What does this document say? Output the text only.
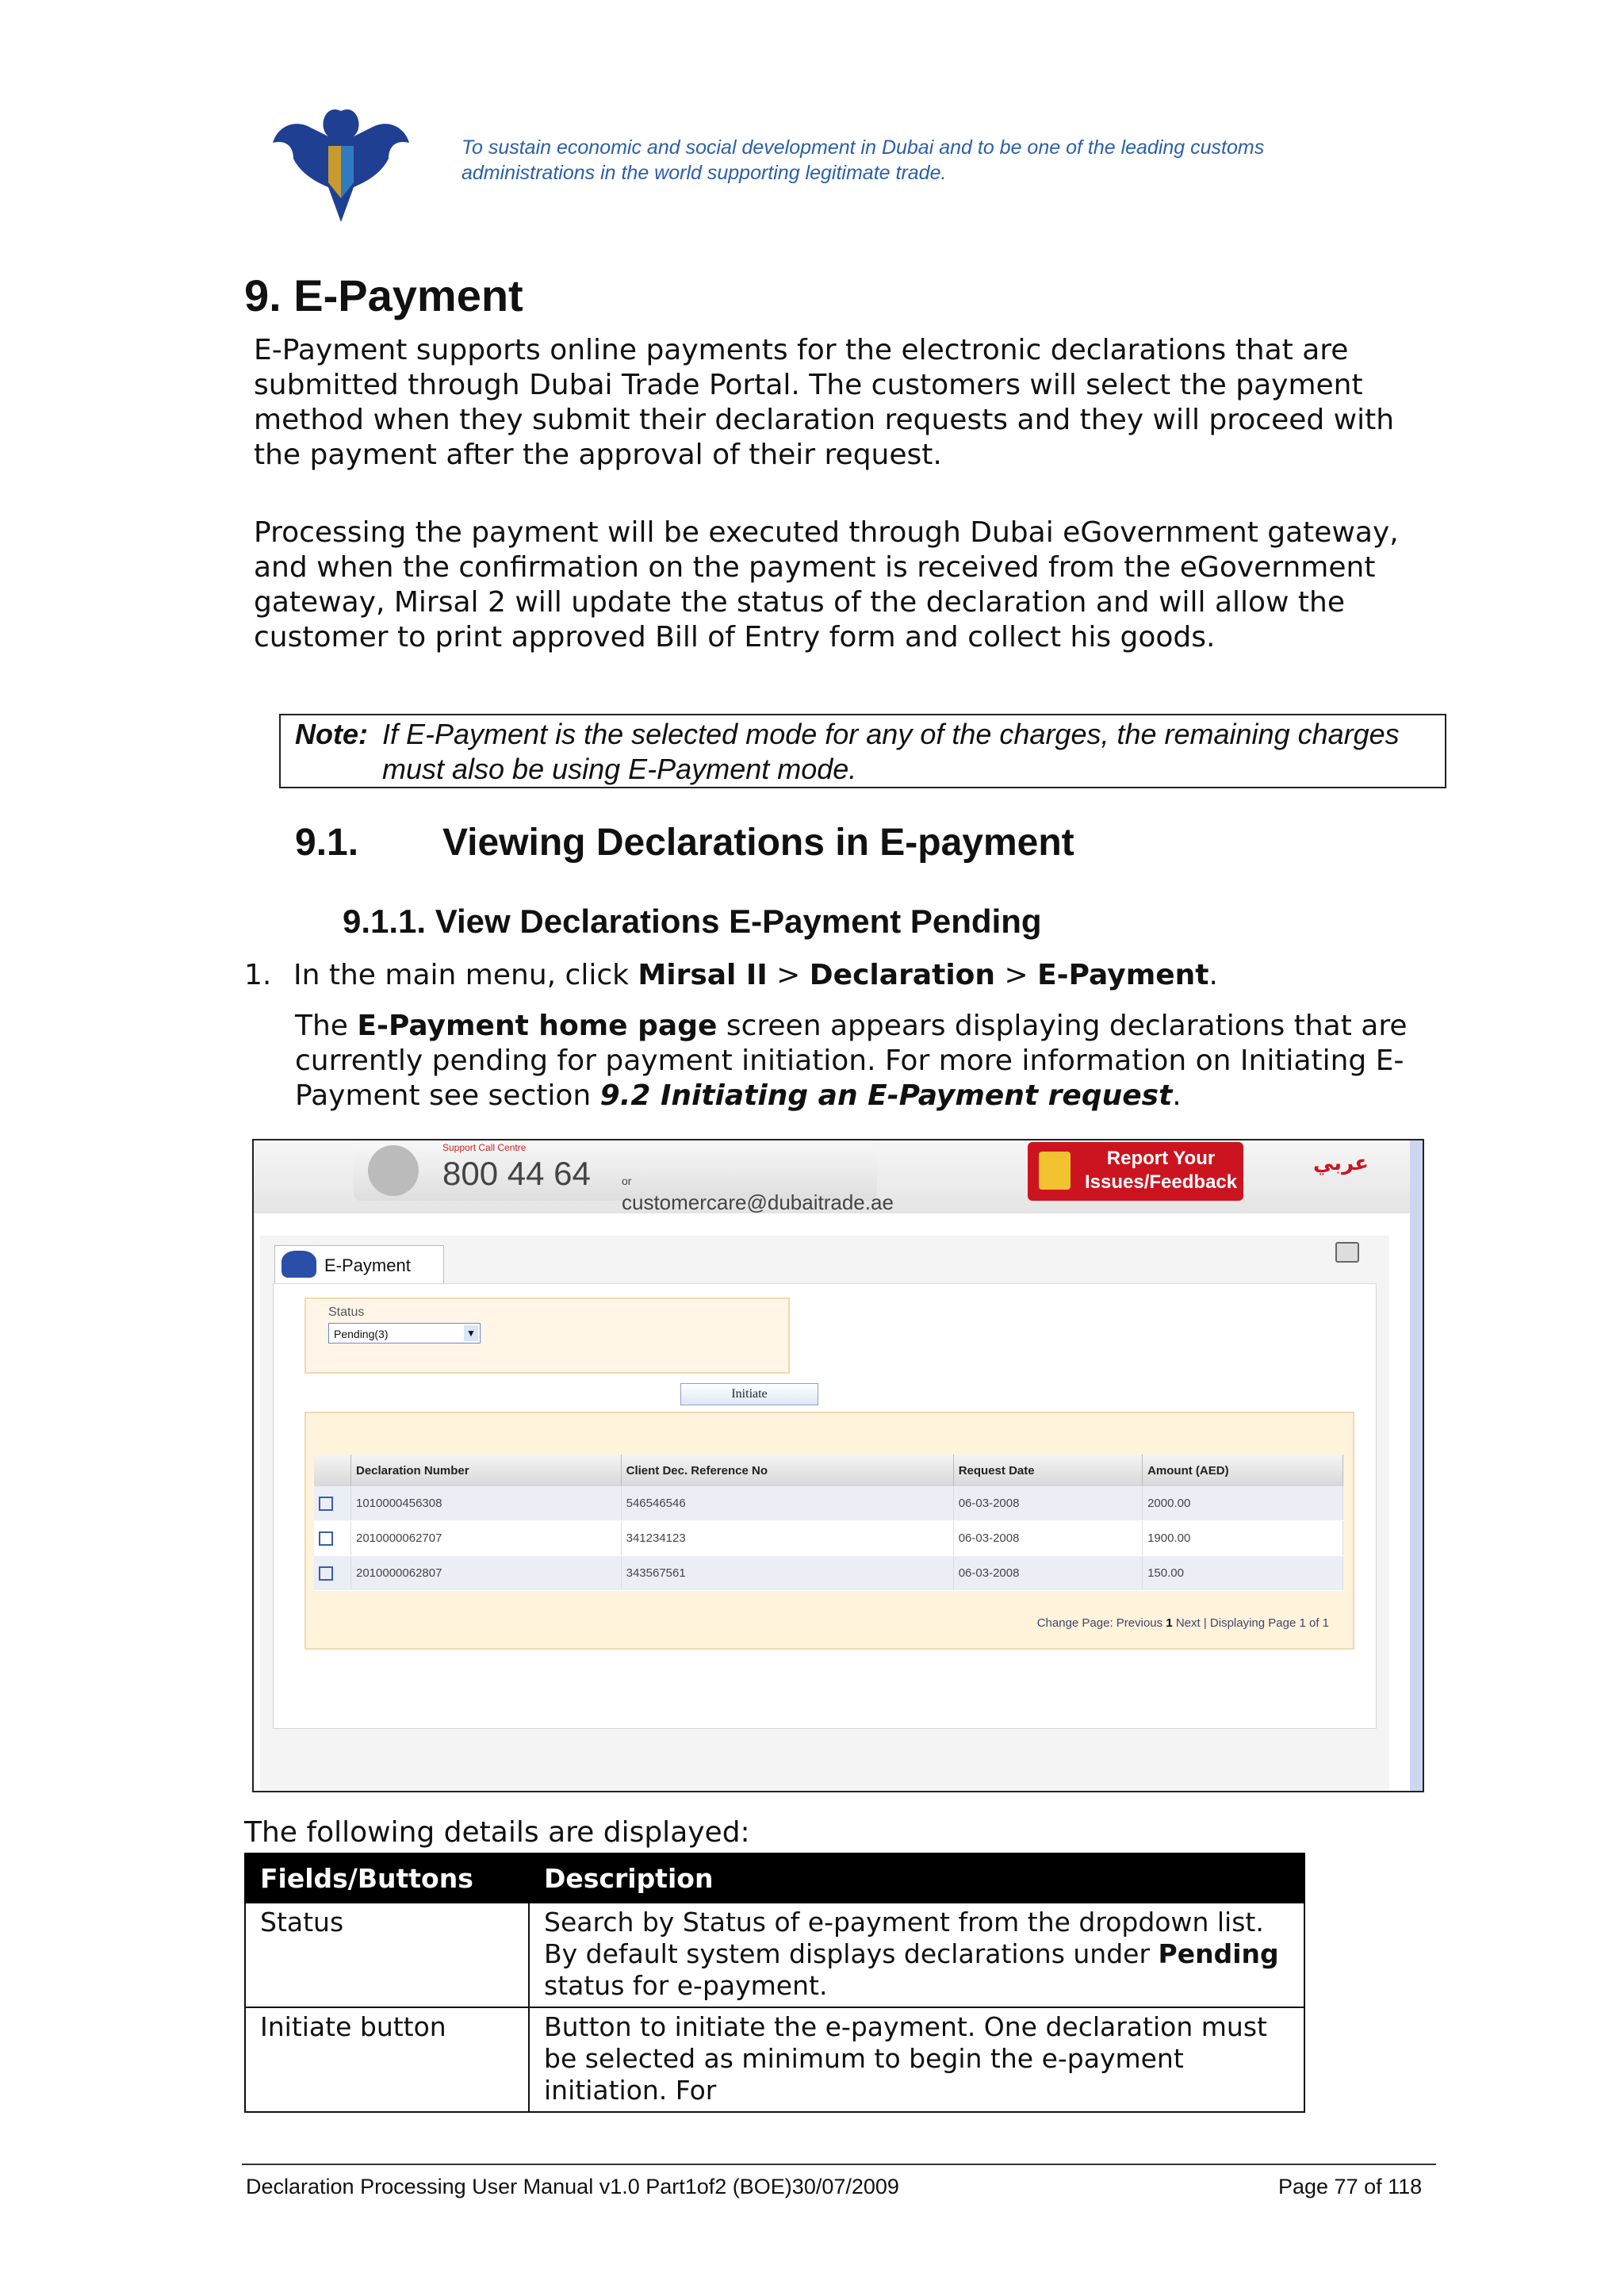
To sustain economic and social development in Dubai and to be one of the leading customs administrations in the world supporting legitimate trade.
9. E-Payment
E-Payment supports online payments for the electronic declarations that are submitted through Dubai Trade Portal. The customers will select the payment method when they submit their declaration requests and they will proceed with the payment after the approval of their request.
Processing the payment will be executed through Dubai eGovernment gateway, and when the confirmation on the payment is received from the eGovernment gateway, Mirsal 2 will update the status of the declaration and will allow the customer to print approved Bill of Entry form and collect his goods.
Note: If E-Payment is the selected mode for any of the charges, the remaining charges must also be using E-Payment mode.
9.1. Viewing Declarations in E-payment
9.1.1. View Declarations E-Payment Pending
1. In the main menu, click Mirsal II > Declaration > E-Payment.
The E-Payment home page screen appears displaying declarations that are currently pending for payment initiation. For more information on Initiating E-Payment see section 9.2 Initiating an E-Payment request.
Support Call Centre
800 44 64	or customercare@dubaitrade.ae
Report Your Issues/Feedback
عربي
E-Payment
Status
Pending(3)	▼
Initiate
	Declaration Number	Client Dec. Reference No	Request Date	Amount (AED)
	1010000456308	546546546	06-03-2008	2000.00
	2010000062707	341234123	06-03-2008	1900.00
	2010000062807	343567561	06-03-2008	150.00
Change Page: Previous 1 Next | Displaying Page 1 of 1
The following details are displayed:
Fields/Buttons	Description
Status	Search by Status of e-payment from the dropdown list. By default system displays declarations under Pending status for e-payment.
Initiate button	Button to initiate the e-payment. One declaration must be selected as minimum to begin the e-payment initiation. For
Declaration Processing User Manual v1.0 Part1of2 (BOE)30/07/2009	Page 77 of 118
